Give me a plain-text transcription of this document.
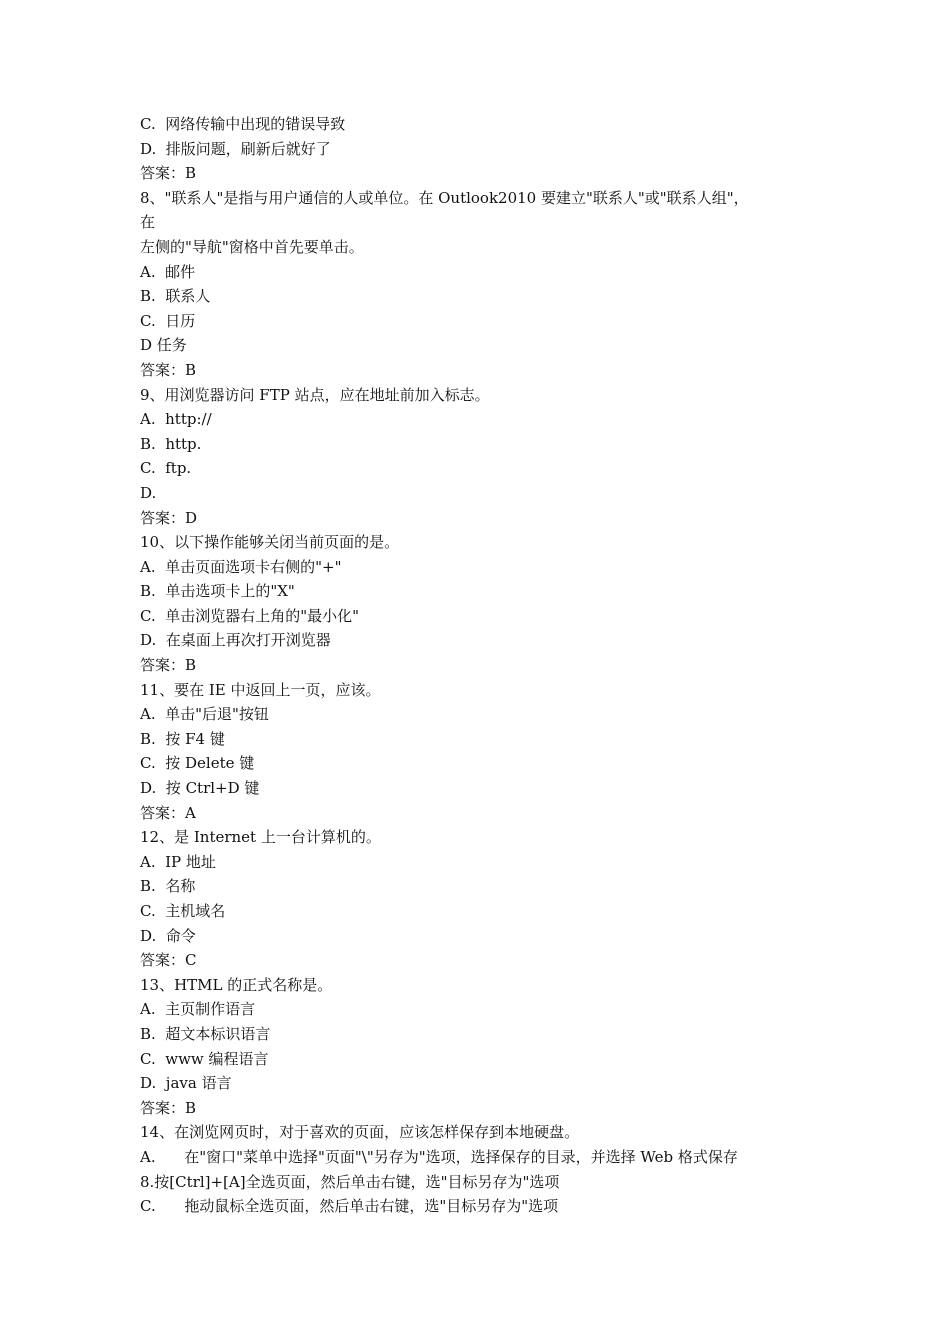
C.  网络传输中出现的错误导致
D.  排版问题，刷新后就好了
答案：B
8、"联系人"是指与用户通信的人或单位。在 Outlook2010 要建立"联系人"或"联系人组"，
在
左侧的"导航"窗格中首先要单击。
A.  邮件
B.  联系人
C.  日历
D 任务
答案：B
9、用浏览器访问 FTP 站点，应在地址前加入标志。
A.  http://
B.  http.
C.  ftp.
D.
答案：D
10、以下操作能够关闭当前页面的是。
A.  单击页面选项卡右侧的"+"
B.  单击选项卡上的"X"
C.  单击浏览器右上角的"最小化"
D.  在桌面上再次打开浏览器
答案：B
11、要在 IE 中返回上一页，应该。
A.  单击"后退"按钮
B.  按 F4 键
C.  按 Delete 键
D.  按 Ctrl+D 键
答案：A
12、是 Internet 上一台计算机的。
A.  IP 地址
B.  名称
C.  主机域名
D.  命令
答案：C
13、HTML 的正式名称是。
A.  主页制作语言
B.  超文本标识语言
C.  www 编程语言
D.  java 语言
答案：B
14、在浏览网页时，对于喜欢的页面，应该怎样保存到本地硬盘。
A.      在"窗口"菜单中选择"页面"\"另存为"选项，选择保存的目录，并选择 Web 格式保存
8.按[Ctrl]+[A]全选页面，然后单击右键，选"目标另存为"选项
C.      拖动鼠标全选页面，然后单击右键，选"目标另存为"选项
